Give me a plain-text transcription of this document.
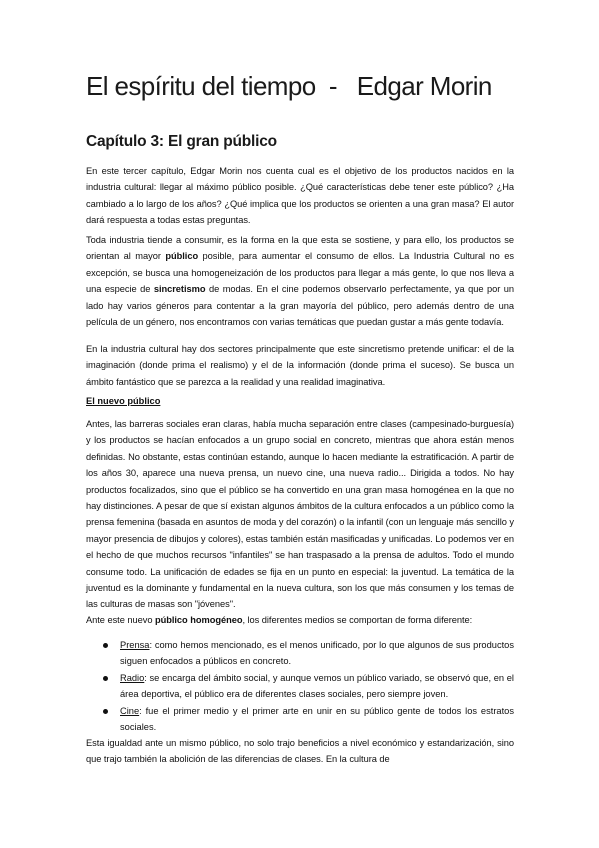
El espíritu del tiempo  -   Edgar Morin
Capítulo 3: El gran público

En este tercer capítulo, Edgar Morin nos cuenta cual es el objetivo de los productos nacidos en la industria cultural: llegar al máximo público posible. ¿Qué características debe tener este público? ¿Ha cambiado a lo largo de los años? ¿Qué implica que los productos se orienten a una gran masa? El autor dará respuesta a todas estas preguntas.

Toda industria tiende a consumir, es la forma en la que esta se sostiene, y para ello, los productos se orientan al mayor público posible, para aumentar el consumo de ellos. La Industria Cultural no es excepción, se busca una homogeneización de los productos para llegar a más gente, lo que nos lleva a una especie de sincretismo de modas. En el cine podemos observarlo perfectamente, ya que por un lado hay varios géneros para contentar a la gran mayoría del público, pero además dentro de una película de un género, nos encontramos con varias temáticas que puedan gustar a más gente todavía.

En la industria cultural hay dos sectores principalmente que este sincretismo pretende unificar: el de la imaginación (donde prima el realismo) y el de la información (donde prima el suceso). Se busca un ámbito fantástico que se parezca a la realidad y una realidad imaginativa.

El nuevo público

Antes, las barreras sociales eran claras, había mucha separación entre clases (campesinado-burguesía) y los productos se hacían enfocados a un grupo social en concreto, mientras que ahora están menos definidas. No obstante, estas continúan estando, aunque lo hacen mediante la estratificación. A partir de los años 30, aparece una nueva prensa, un nuevo cine, una nueva radio... Dirigida a todos. No hay productos focalizados, sino que el público se ha convertido en una gran masa homogénea en la que no hay distinciones. A pesar de que sí existan algunos ámbitos de la cultura enfocados a un público como la prensa femenina (basada en asuntos de moda y del corazón) o la infantil (con un lenguaje más sencillo y mayor presencia de dibujos y colores), estas también están masificadas y unificadas. Lo podemos ver en el hecho de que muchos recursos "infantiles" se han traspasado a la prensa de adultos. Todo el mundo consume todo. La unificación de edades se fija en un punto en especial: la juventud. La temática de la juventud es la dominante y fundamental en la nueva cultura, son los que más consumen y los temas de las culturas de masas son "jóvenes".

Ante este nuevo público homogéneo, los diferentes medios se comportan de forma diferente:

Prensa: como hemos mencionado, es el menos unificado, por lo que algunos de sus productos siguen enfocados a públicos en concreto.
Radio: se encarga del ámbito social, y aunque vemos un público variado, se observó que, en el área deportiva, el público era de diferentes clases sociales, pero siempre joven.
Cine: fue el primer medio y el primer arte en unir en su público gente de todos los estratos sociales.

Esta igualdad ante un mismo público, no solo trajo beneficios a nivel económico y estandarización, sino que trajo también la abolición de las diferencias de clases. En la cultura de
